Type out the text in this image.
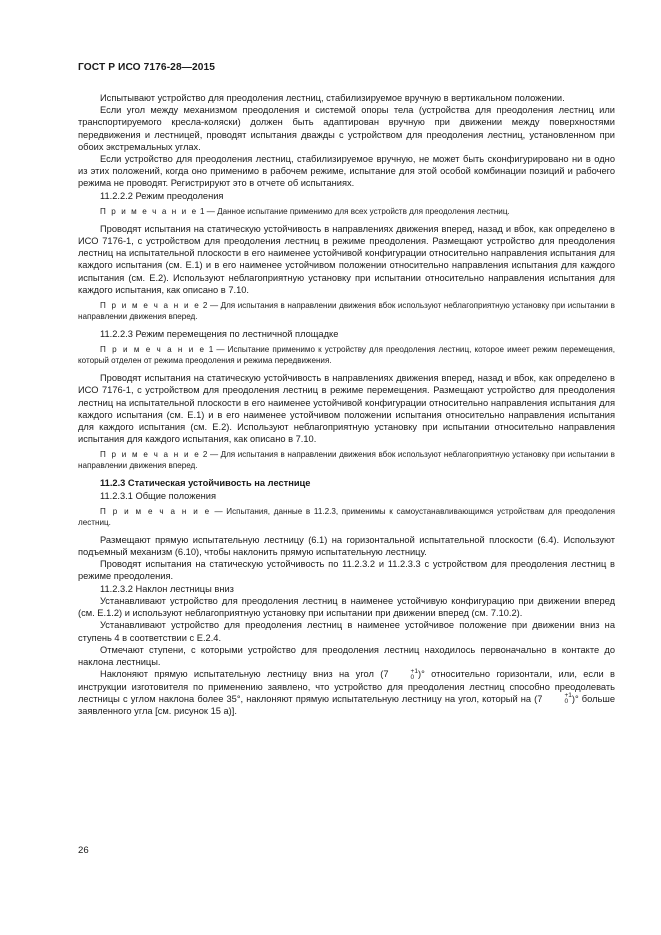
ГОСТ Р ИСО 7176-28—2015

Испытывают устройство для преодоления лестниц, стабилизируемое вручную в вертикальном положении.

Если угол между механизмом преодоления и системой опоры тела (устройства для преодоления лестниц или транспортируемого кресла-коляски) должен быть адаптирован вручную при движении между поверхностями передвижения и лестницей, проводят испытания дважды с устройством для преодоления лестниц, установленном при обоих экстремальных углах.

Если устройство для преодоления лестниц, стабилизируемое вручную, не может быть сконфигурировано ни в одно из этих положений, когда оно применимо в рабочем режиме, испытание для этой особой комбинации позиций и рабочего режима не проводят. Регистрируют это в отчете об испытаниях.

11.2.2.2 Режим преодоления

П р и м е ч а н и е 1 — Данное испытание применимо для всех устройств для преодоления лестниц.

Проводят испытания на статическую устойчивость в направлениях движения вперед, назад и вбок, как определено в ИСО 7176-1, с устройством для преодоления лестниц в режиме преодоления. Размещают устройство для преодоления лестниц на испытательной плоскости в его наименее устойчивой конфигурации относительно направления испытания для каждого испытания (см. Е.1) и в его наименее устойчивом положении относительно направления испытания для каждого испытания (см. Е.2). Используют неблагоприятную установку при испытании относительно направления испытания для каждого испытания, как описано в 7.10.

П р и м е ч а н и е 2 — Для испытания в направлении движения вбок используют неблагоприятную установку при испытании в направлении движения вперед.

11.2.2.3 Режим перемещения по лестничной площадке

П р и м е ч а н и е 1 — Испытание применимо к устройству для преодоления лестниц, которое имеет режим перемещения, который отделен от режима преодоления и режима передвижения.

Проводят испытания на статическую устойчивость в направлениях движения вперед, назад и вбок, как определено в ИСО 7176-1, с устройством для преодоления лестниц в режиме перемещения. Размещают устройство для преодоления лестниц на испытательной плоскости в его наименее устойчивой конфигурации относительно направления испытания для каждого испытания (см. Е.1) и в его наименее устойчивом положении испытания относительно направления испытания для каждого испытания (см. Е.2). Используют неблагоприятную установку при испытании относительно направления испытания для каждого испытания, как описано в 7.10.

П р и м е ч а н и е 2 — Для испытания в направлении движения вбок используют неблагоприятную установку при испытании в направлении движения вперед.

11.2.3 Статическая устойчивость на лестнице

11.2.3.1 Общие положения

П р и м е ч а н и е — Испытания, данные в 11.2.3, применимы к самоустанавливающимся устройствам для преодоления лестниц.

Размещают прямую испытательную лестницу (6.1) на горизонтальной испытательной плоскости (6.4). Используют подъемный механизм (6.10), чтобы наклонить прямую испытательную лестницу.

Проводят испытания на статическую устойчивость по 11.2.3.2 и 11.2.3.3 с устройством для преодоления лестниц в режиме преодоления.

11.2.3.2 Наклон лестницы вниз

Устанавливают устройство для преодоления лестниц в наименее устойчивую конфигурацию при движении вперед (см. Е.1.2) и используют неблагоприятную установку при испытании при движении вперед (см. 7.10.2).

Устанавливают устройство для преодоления лестниц в наименее устойчивое положение при движении вниз на ступень 4 в соответствии с Е.2.4.

Отмечают ступени, с которыми устройство для преодоления лестниц находилось первоначально в контакте до наклона лестницы.

Наклоняют прямую испытательную лестницу вниз на угол (7	+1
0 )° относительно горизонтали, или, если в инструкции изготовителя по применению заявлено, что устройство для преодоления лестниц способно преодолевать лестницы с углом наклона более 35°, наклоняют прямую испытательную лестницу на угол, который на (7	+1
0 )° больше заявленного угла [см. рисунок 15 а)].

26
